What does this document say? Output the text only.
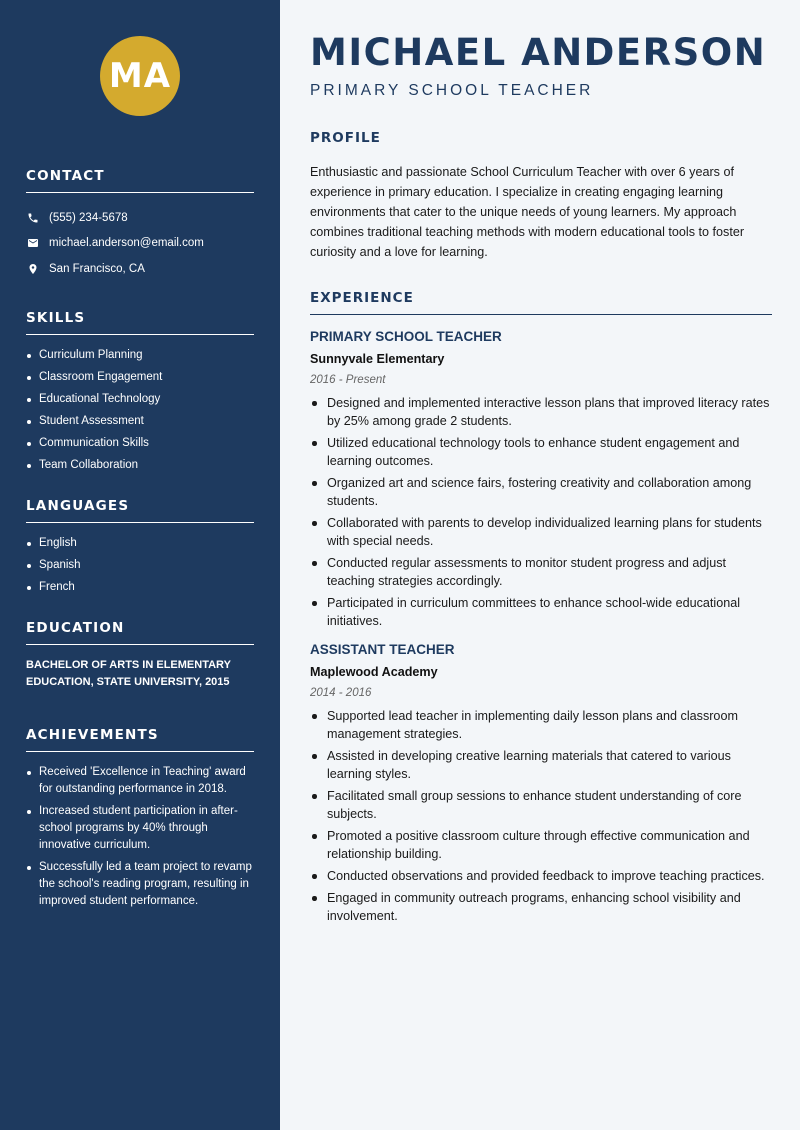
MA
CONTACT
(555) 234-5678
michael.anderson@email.com
San Francisco, CA
SKILLS
Curriculum Planning
Classroom Engagement
Educational Technology
Student Assessment
Communication Skills
Team Collaboration
LANGUAGES
English
Spanish
French
EDUCATION
BACHELOR OF ARTS IN ELEMENTARY EDUCATION, STATE UNIVERSITY, 2015
ACHIEVEMENTS
Received 'Excellence in Teaching' award for outstanding performance in 2018.
Increased student participation in after-school programs by 40% through innovative curriculum.
Successfully led a team project to revamp the school's reading program, resulting in improved student performance.
MICHAEL ANDERSON
PRIMARY SCHOOL TEACHER
PROFILE

Enthusiastic and passionate School Curriculum Teacher with over 6 years of experience in primary education. I specialize in creating engaging learning environments that cater to the unique needs of young learners. My approach combines traditional teaching methods with modern educational tools to foster curiosity and a love for learning.

EXPERIENCE
PRIMARY SCHOOL TEACHER
Sunnyvale Elementary
2016 - Present
Designed and implemented interactive lesson plans that improved literacy rates by 25% among grade 2 students.
Utilized educational technology tools to enhance student engagement and learning outcomes.
Organized art and science fairs, fostering creativity and collaboration among students.
Collaborated with parents to develop individualized learning plans for students with special needs.
Conducted regular assessments to monitor student progress and adjust teaching strategies accordingly.
Participated in curriculum committees to enhance school-wide educational initiatives.
ASSISTANT TEACHER
Maplewood Academy
2014 - 2016
Supported lead teacher in implementing daily lesson plans and classroom management strategies.
Assisted in developing creative learning materials that catered to various learning styles.
Facilitated small group sessions to enhance student understanding of core subjects.
Promoted a positive classroom culture through effective communication and relationship building.
Conducted observations and provided feedback to improve teaching practices.
Engaged in community outreach programs, enhancing school visibility and involvement.
